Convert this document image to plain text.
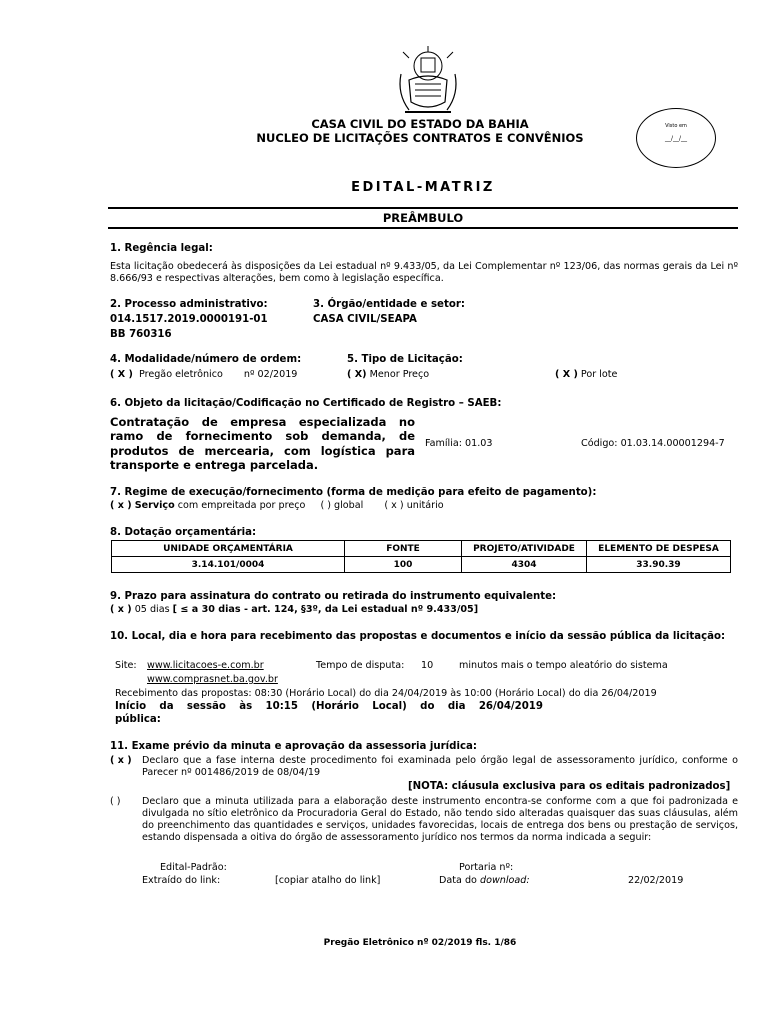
CASA CIVIL DO ESTADO DA BAHIA
NUCLEO DE LICITAÇÕES CONTRATOS E CONVÊNIOS
Visto em
__/__/__
EDITAL-MATRIZ
PREÂMBULO
1. Regência legal:
Esta licitação obedecerá às disposições da Lei estadual nº 9.433/05, da Lei Complementar nº 123/06, das normas gerais da Lei nº 8.666/93 e respectivas alterações, bem como à legislação específica.
2. Processo administrativo:
014.1517.2019.0000191-01
BB 760316
3. Órgão/entidade e setor:
CASA CIVIL/SEAPA
4. Modalidade/número de ordem:
( X ) Pregão eletrônico nº 02/2019
5. Tipo de Licitação:
( X) Menor Preço	( X ) Por lote
6. Objeto da licitação/Codificação no Certificado de Registro – SAEB:
Contratação de empresa especializada no ramo de fornecimento sob demanda, de produtos de mercearia, com logística para transporte e entrega parcelada.
Família: 01.03	Código: 01.03.14.00001294-7
7. Regime de execução/fornecimento (forma de medição para efeito de pagamento):
( x ) Serviço com empreitada por preço ( ) global ( x ) unitário
8. Dotação orçamentária:
UNIDADE ORÇAMENTÁRIA	FONTE	PROJETO/ATIVIDADE	ELEMENTO DE DESPESA
3.14.101/0004	100	4304	33.90.39
9. Prazo para assinatura do contrato ou retirada do instrumento equivalente:
( x ) 05 dias [ ≤ a 30 dias - art. 124, §3º, da Lei estadual nº 9.433/05]
10. Local, dia e hora para recebimento das propostas e documentos e início da sessão pública da licitação:
Site: www.licitacoes-e.com.br
www.comprasnet.ba.gov.br
Tempo de disputa: 10	minutos mais o tempo aleatório do sistema
Recebimento das propostas: 08:30 (Horário Local) do dia 24/04/2019 às 10:00 (Horário Local) do dia 26/04/2019
Início da sessão às 10:15 (Horário Local) do dia 26/04/2019
pública:
11. Exame prévio da minuta e aprovação da assessoria jurídica:
( x ) Declaro que a fase interna deste procedimento foi examinada pelo órgão legal de assessoramento jurídico, conforme o Parecer nº 001486/2019 de 08/04/19
[NOTA: cláusula exclusiva para os editais padronizados]
( ) Declaro que a minuta utilizada para a elaboração deste instrumento encontra-se conforme com a que foi padronizada e divulgada no sítio eletrônico da Procuradoria Geral do Estado, não tendo sido alteradas quaisquer das suas cláusulas, além do preenchimento das quantidades e serviços, unidades favorecidas, locais de entrega dos bens ou prestação de serviços, estando dispensada a oitiva do órgão de assessoramento jurídico nos termos da norma indicada a seguir:
Edital-Padrão:	Portaria nº:
Extraído do link:	[copiar atalho do link]	Data do download:	22/02/2019
Pregão Eletrônico nº 02/2019 fls. 1/86
